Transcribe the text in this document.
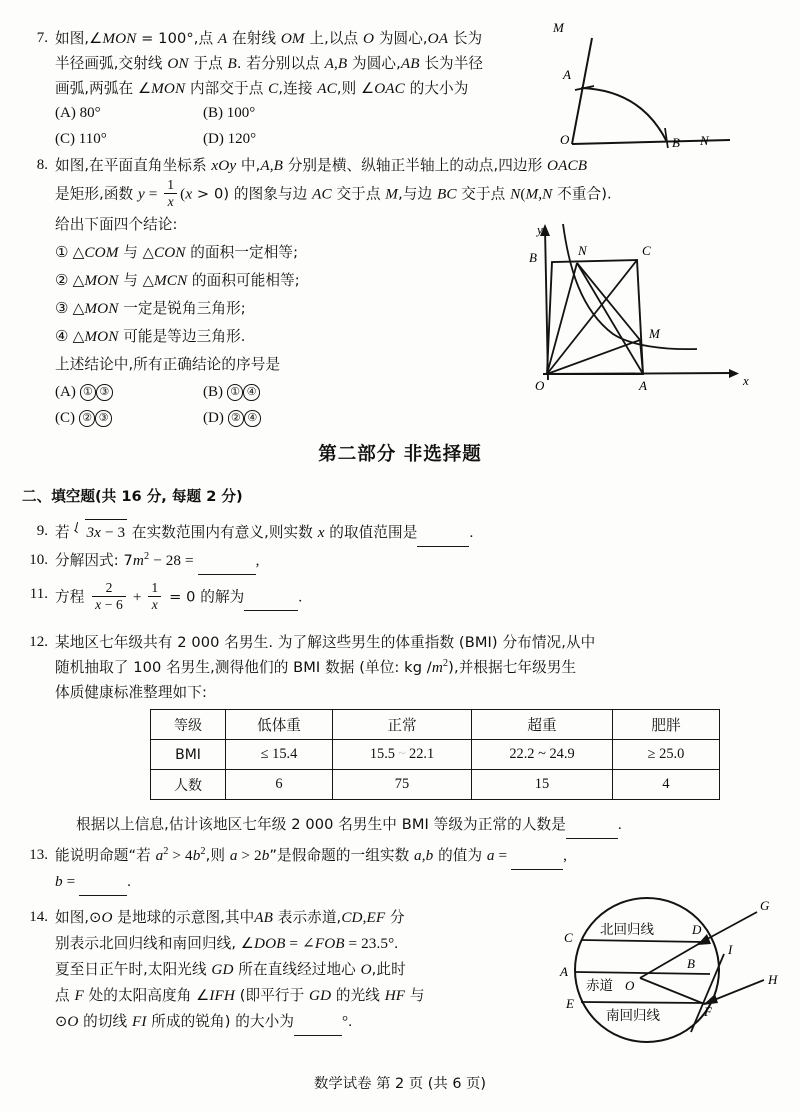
7. 如图,∠MON = 100°,点 A 在射线 OM 上,以点 O 为圆心,OA 长为
半径画弧,交射线 ON 于点 B. 若分别以点 A,B 为圆心,AB 长为半径
画弧,两弧在 ∠MON 内部交于点 C,连接 AC,则 ∠OAC 的大小为
(A) 80°	(B) 100°
(C) 110°	(D) 120°
M
A
O	B N
8. 如图,在平面直角坐标系 xOy 中,A,B 分别是横、纵轴正半轴上的动点,四边形 OACB
是矩形,函数 $y = \frac{1}{x} (x > 0)$ 的图象与边 AC 交于点 M,与边 BC 交于点 N(M,N 不重合).
给出下面四个结论:
① △COM 与 △CON 的面积一定相等;
② △MON 与 △MCN 的面积可能相等;
③ △MON 一定是锐角三角形;
④ △MON 可能是等边三角形.
上述结论中,所有正确结论的序号是
(A) ① ③	(B) ① ④
(C) ② ③	(D) ② ④
y
x
B	N	C
M
O	A
第二部分 非选择题
二、填空题(共 16 分, 每题 2 分)
9. 若 3x − 3 在实数范围内有意义,则实数 x 的取值范围是	.
10. 分解因式: $7m^2 - 28$ =	,
11. 方程 $\frac{2}{x - 6} + \frac{1}{x} = 0$ 的解为	.
12. 某地区七年级共有 2 000 名男生. 为了解这些男生的体重指数 (BMI) 分布情况,从中
随机抽取了 100 名男生,测得他们的 BMI 数据 (单位: kg $/m^2$),并根据七年级男生
体质健康标准整理如下:
等级	低体重	正常	超重	肥胖
BMI	≤ 15.4	15.5 ~ 22.1	22.2 ~ 24.9	≥ 25.0
人数	6	75	15	4
根据以上信息,估计该地区七年级 2 000 名男生中 BMI 等级为正常的人数是	.
13. 能说明命题“若 $a^2 > 4b^2$,则 a > 2b”是假命题的一组实数 a,b 的值为 a =	,
b =	.
14. 如图,⊙O 是地球的示意图,其中AB 表示赤道,CD,EF 分
别表示北回归线和南回归线, ∠DOB = ∠FOB = 23.5°.
夏至日正午时,太阳光线 GD 所在直线经过地心 O,此时
点 F 处的太阳高度角 ∠IFH (即平行于 GD 的光线 HF 与
⊙O 的切线 FI 所成的锐角) 的大小为	°.
G
D
C
I
A
B
O	H
E
F
北回归线
赤道
南回归线
数学试卷 第 2 页 (共 6 页)
